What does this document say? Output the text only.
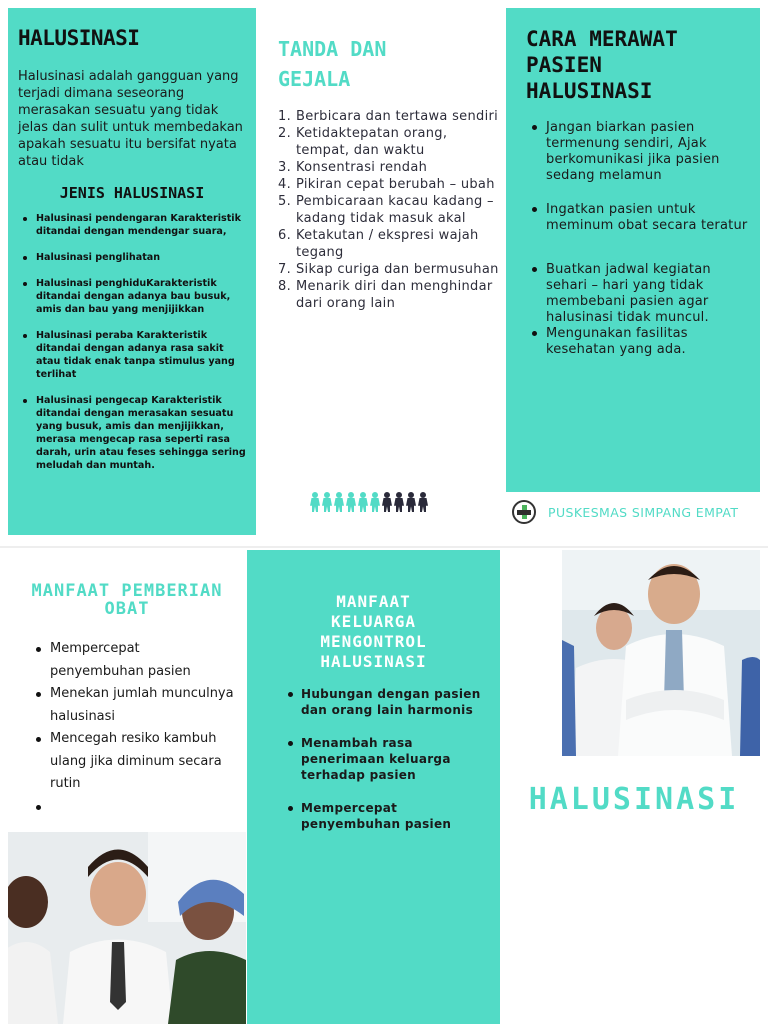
HALUSINASI

Halusinasi adalah gangguan yang terjadi dimana seseorang merasakan sesuatu yang tidak jelas dan sulit untuk membedakan apakah sesuatu itu bersifat nyata atau tidak

JENIS HALUSINASI
Halusinasi pendengaran Karakteristik ditandai dengan mendengar suara,
Halusinasi penglihatan
Halusinasi penghiduKarakteristik ditandai dengan adanya bau busuk, amis dan bau yang menjijikkan
Halusinasi peraba Karakteristik ditandai dengan adanya rasa sakit atau tidak enak tanpa stimulus yang terlihat
Halusinasi pengecap Karakteristik ditandai dengan merasakan sesuatu yang busuk, amis dan menjijikkan, merasa mengecap rasa seperti rasa darah, urin atau feses sehingga sering meludah dan muntah.
TANDA DAN GEJALA
1. Berbicara dan tertawa sendiri
2. Ketidaktepatan orang, tempat, dan waktu
3. Konsentrasi rendah
4. Pikiran cepat berubah – ubah
5. Pembicaraan kacau kadang – kadang tidak masuk akal
6. Ketakutan / ekspresi wajah tegang
7. Sikap curiga dan bermusuhan
8. Menarik diri dan menghindar dari orang lain
CARA MERAWAT PASIEN HALUSINASI
Jangan biarkan pasien termenung sendiri, Ajak berkomunikasi jika pasien sedang melamun
Ingatkan pasien untuk meminum obat secara teratur
Buatkan jadwal kegiatan sehari – hari yang tidak membebani pasien agar halusinasi tidak muncul.
Mengunakan fasilitas kesehatan yang ada.
PUSKESMAS SIMPANG EMPAT
MANFAAT PEMBERIAN OBAT
Mempercepat penyembuhan pasien
Menekan jumlah munculnya halusinasi
Mencegah resiko kambuh ulang jika diminum secara rutin
MANFAAT KELUARGA MENGONTROL HALUSINASI
Hubungan dengan pasien dan orang lain harmonis
Menambah rasa penerimaan keluarga terhadap pasien
Mempercepat penyembuhan pasien
HALUSINASI
